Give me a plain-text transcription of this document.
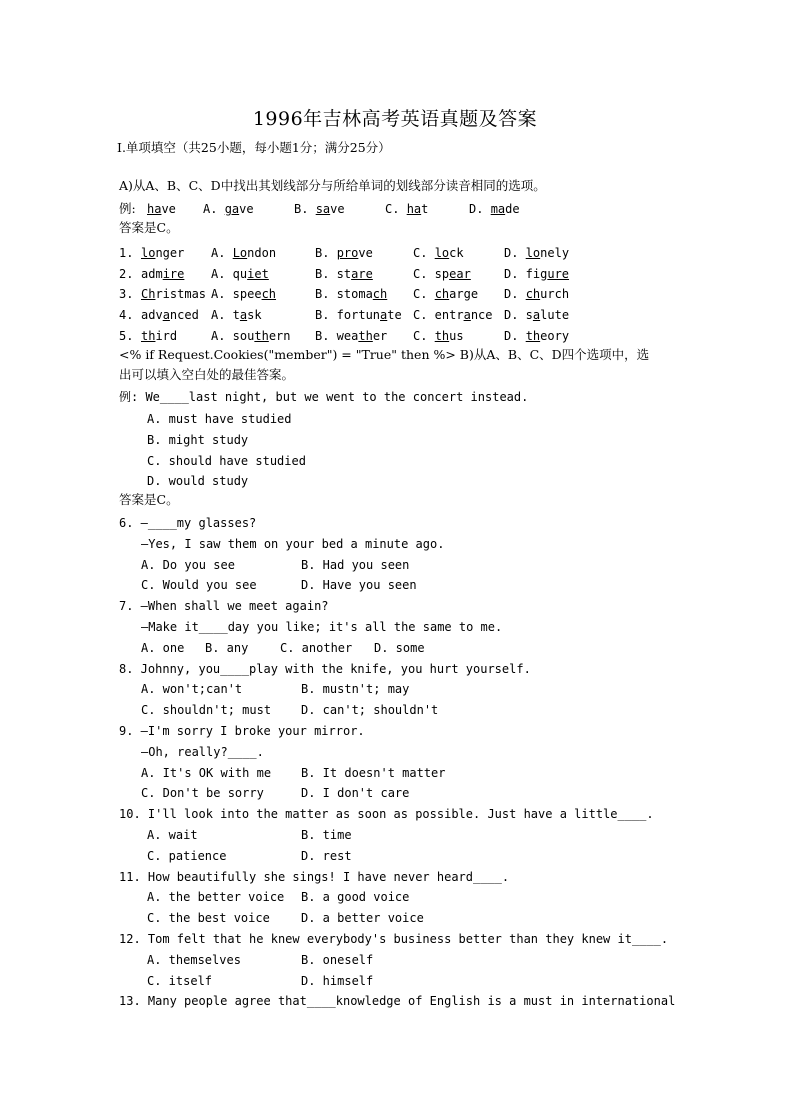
1996年吉林高考英语真题及答案
Ⅰ.单项填空（共25小题，每小题1分；满分25分）
A)从A、B、C、D中找出其划线部分与所给单词的划线部分读音相同的选项。
例: have A. gave	B. save	C. hat	D. made
答案是C。
1. longer A. London	B. prove	C. lock	D. lonely
2. admire A. quiet	B. stare	C. spear	D. figure
3. Christmas A. speech	B. stomach C. charge D. church
4. advanced A. task	B. fortunate C. entrance D. salute
5. third	A. southern B. weather C. thus	D. theory
<% if Request.Cookies("member") = "True" then %> B)从A、B、C、D四个选项中，选
出可以填入空白处的最佳答案。
例: We____last night, but we went to the concert instead.
A. must have studied
B. might study
C. should have studied
D. would study
答案是C。
6. —____my glasses?
—Yes, I saw them on your bed a minute ago.
A. Do you see	B. Had you seen
C. Would you see	D. Have you seen
7. —When shall we meet again?
—Make it____day you like; it's all the same to me.
A. one B. any	C. another D. some
8. Johnny, you____play with the knife, you hurt yourself.
A. won't;can't	B. mustn't; may
C. shouldn't; must D. can't; shouldn't
9. —I'm sorry I broke your mirror.
—Oh, really?____.
A. It's OK with me B. It doesn't matter
C. Don't be sorry	D. I don't care
10. I'll look into the matter as soon as possible. Just have a little____.
A. wait	B. time
C. patience	D. rest
11. How beautifully she sings! I have never heard____.
A. the better voice B. a good voice
C. the best voice	D. a better voice
12. Tom felt that he knew everybody's business better than they knew it____.
A. themselves	B. oneself
C. itself	D. himself
13. Many people agree that____knowledge of English is a must in international
